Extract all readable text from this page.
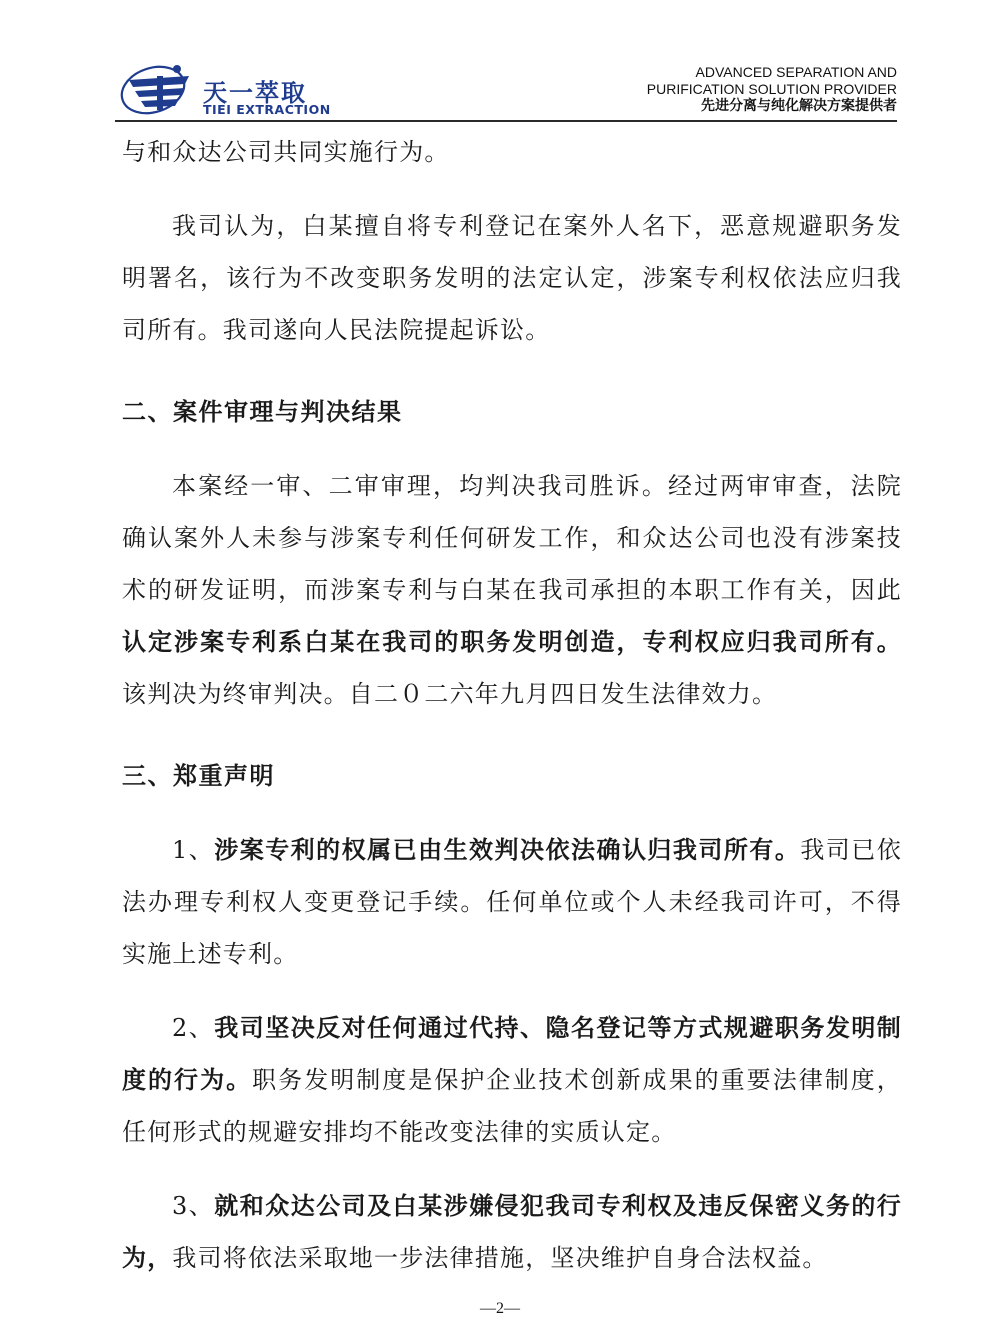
天一萃取
TIEI EXTRACTION
ADVANCED SEPARATION AND
PURIFICATION SOLUTION PROVIDER
先进分离与纯化解决方案提供者

与和众达公司共同实施行为。

我司认为，白某擅自将专利登记在案外人名下，恶意规避职务发明署名，该行为不改变职务发明的法定认定，涉案专利权依法应归我司所有。我司遂向人民法院提起诉讼。

二、案件审理与判决结果

本案经一审、二审审理，均判决我司胜诉。经过两审审查，法院确认案外人未参与涉案专利任何研发工作，和众达公司也没有涉案技术的研发证明，而涉案专利与白某在我司承担的本职工作有关，因此认定涉案专利系白某在我司的职务发明创造，专利权应归我司所有。该判决为终审判决。自二０二六年九月四日发生法律效力。

三、郑重声明

1、涉案专利的权属已由生效判决依法确认归我司所有。我司已依法办理专利权人变更登记手续。任何单位或个人未经我司许可，不得实施上述专利。

2、我司坚决反对任何通过代持、隐名登记等方式规避职务发明制度的行为。职务发明制度是保护企业技术创新成果的重要法律制度，任何形式的规避安排均不能改变法律的实质认定。

3、就和众达公司及白某涉嫌侵犯我司专利权及违反保密义务的行为，我司将依法采取地一步法律措施，坚决维护自身合法权益。

—2—
